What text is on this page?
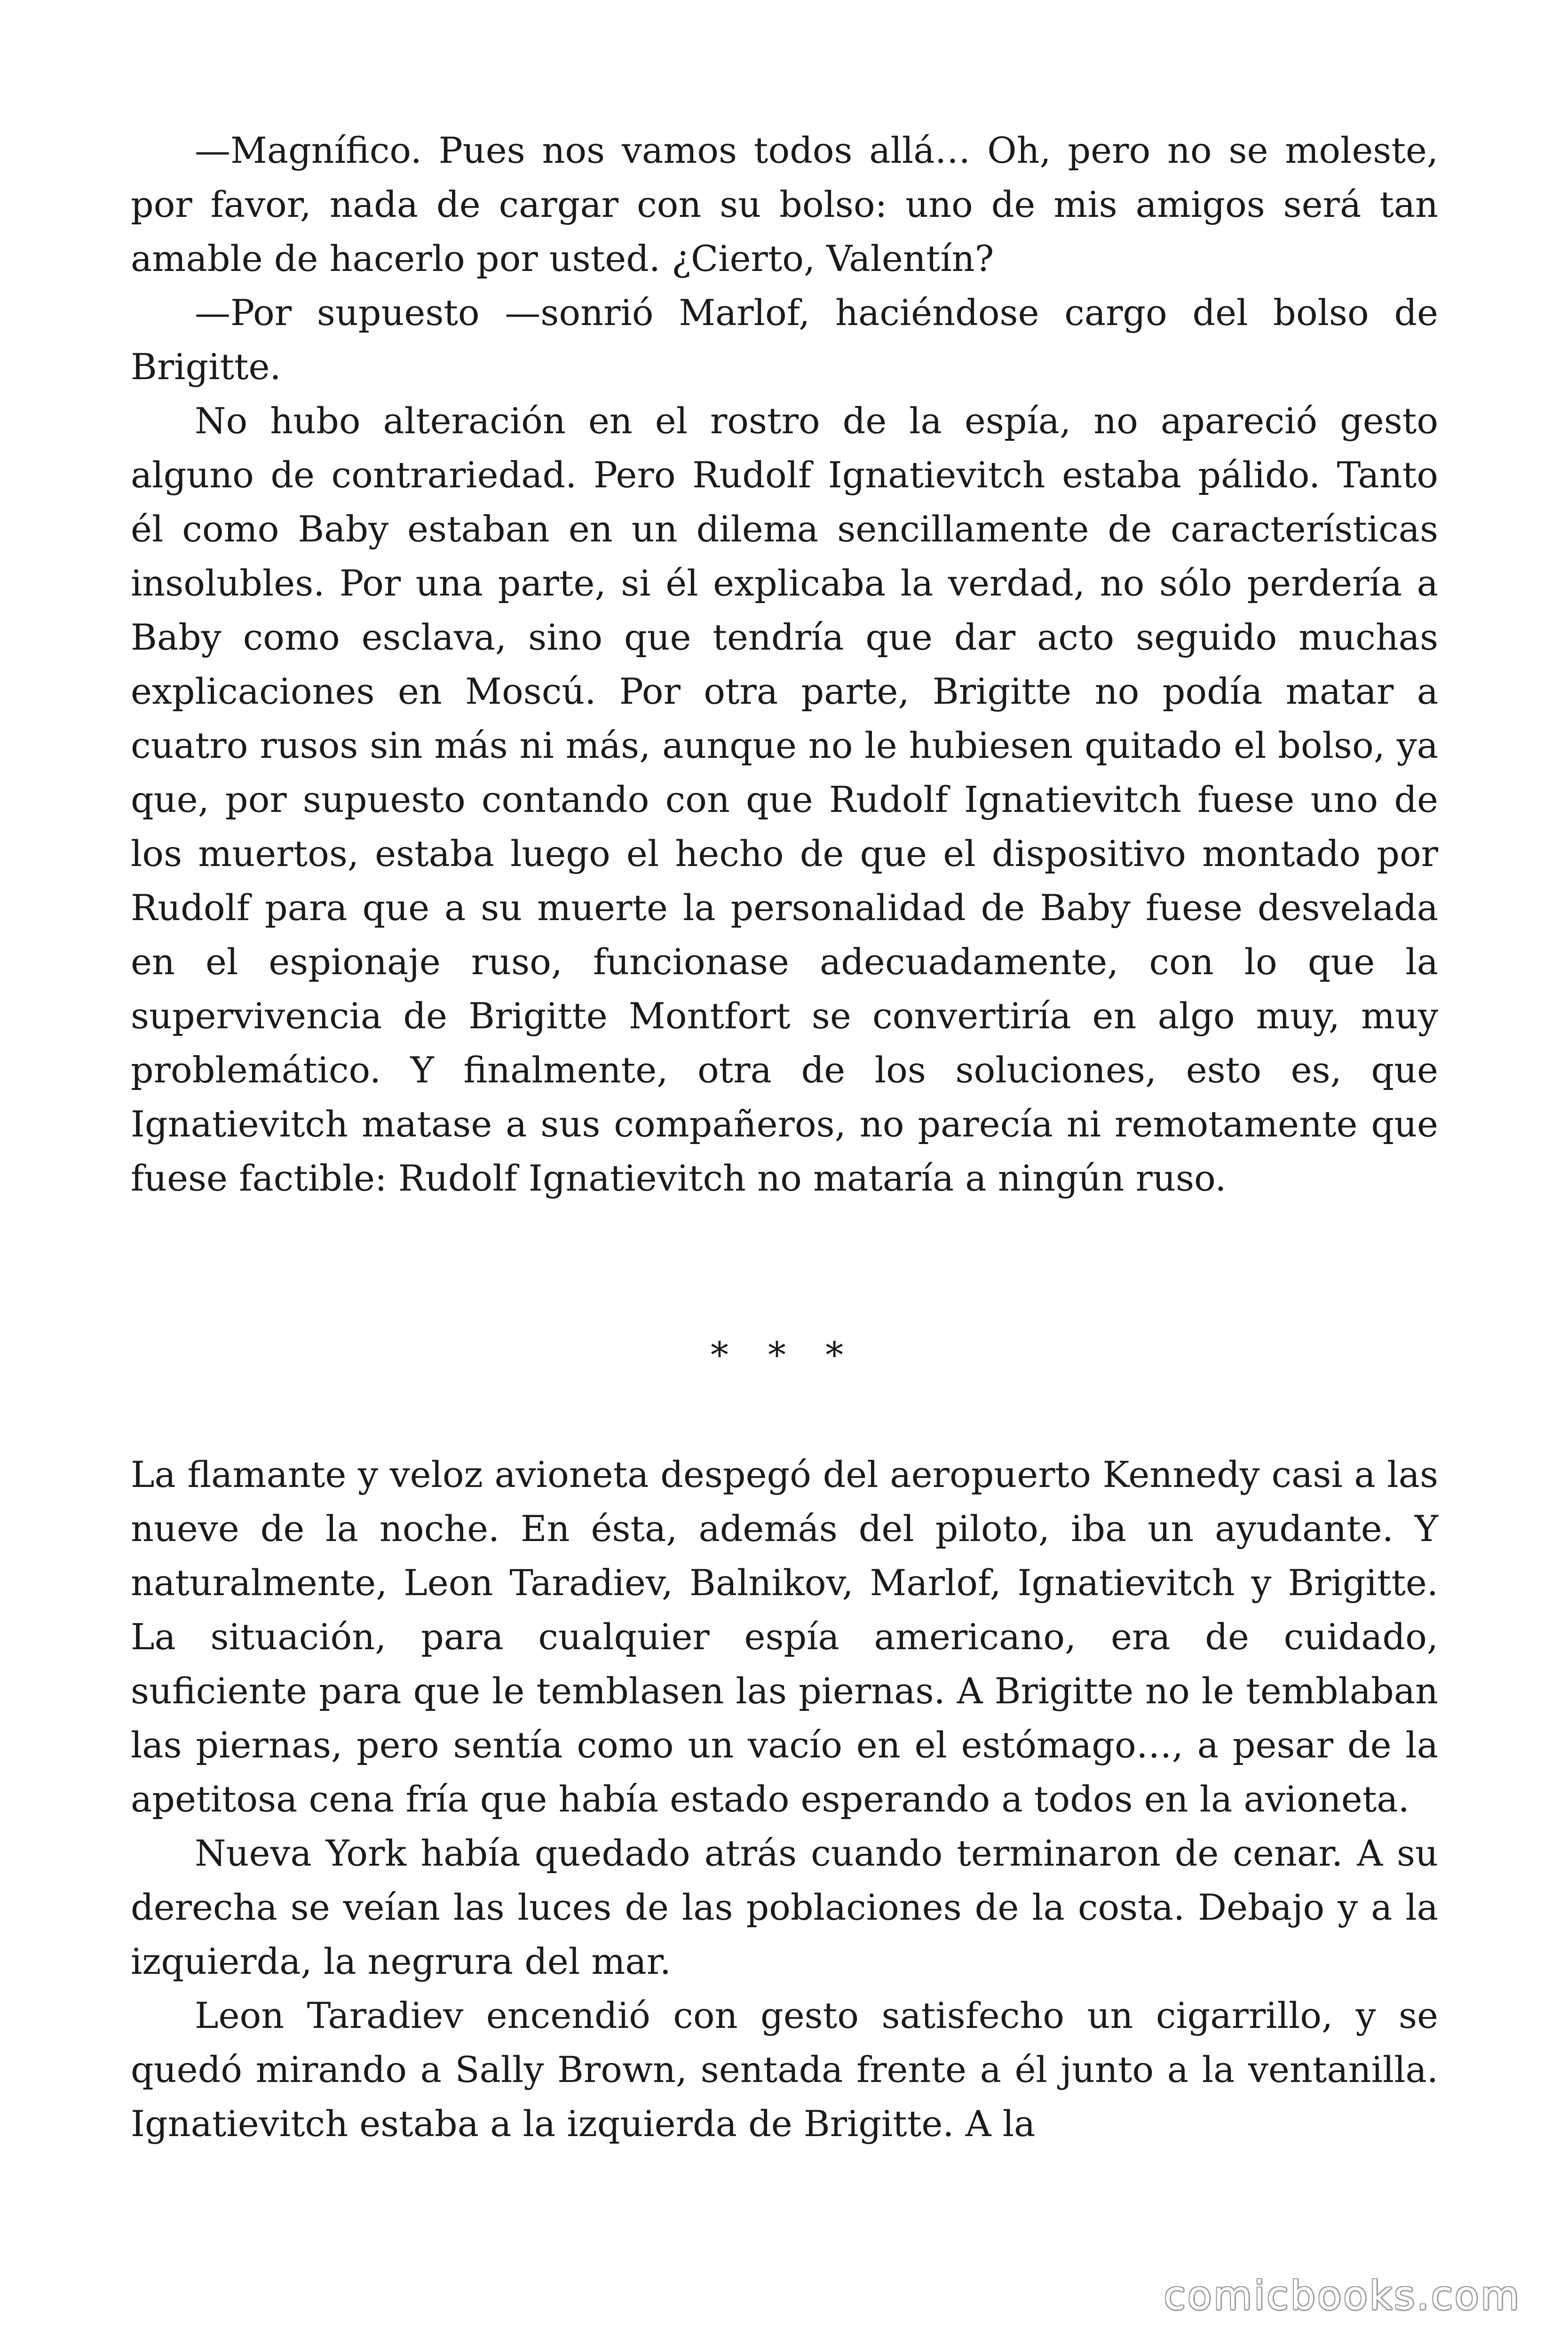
—Magnífico. Pues nos vamos todos allá… Oh, pero no se moleste, por favor, nada de cargar con su bolso: uno de mis amigos será tan amable de hacerlo por usted. ¿Cierto, Valentín?

—Por supuesto —sonrió Marlof, haciéndose cargo del bolso de Brigitte.

No hubo alteración en el rostro de la espía, no apareció gesto alguno de contrariedad. Pero Rudolf Ignatievitch estaba pálido. Tanto él como Baby estaban en un dilema sencillamente de características insolubles. Por una parte, si él explicaba la verdad, no sólo perdería a Baby como esclava, sino que tendría que dar acto seguido muchas explicaciones en Moscú. Por otra parte, Brigitte no podía matar a cuatro rusos sin más ni más, aunque no le hubiesen quitado el bolso, ya que, por supuesto contando con que Rudolf Ignatievitch fuese uno de los muertos, estaba luego el hecho de que el dispositivo montado por Rudolf para que a su muerte la personalidad de Baby fuese desvelada en el espionaje ruso, funcionase adecuadamente, con lo que la supervivencia de Brigitte Montfort se convertiría en algo muy, muy problemático. Y finalmente, otra de los soluciones, esto es, que Ignatievitch matase a sus compañeros, no parecía ni remotamente que fuese factible: Rudolf Ignatievitch no mataría a ningún ruso.

* * *

La flamante y veloz avioneta despegó del aeropuerto Kennedy casi a las nueve de la noche. En ésta, además del piloto, iba un ayudante. Y naturalmente, Leon Taradiev, Balnikov, Marlof, Ignatievitch y Brigitte. La situación, para cualquier espía americano, era de cuidado, suficiente para que le temblasen las piernas. A Brigitte no le temblaban las piernas, pero sentía como un vacío en el estómago…, a pesar de la apetitosa cena fría que había estado esperando a todos en la avioneta.

Nueva York había quedado atrás cuando terminaron de cenar. A su derecha se veían las luces de las poblaciones de la costa. Debajo y a la izquierda, la negrura del mar.

Leon Taradiev encendió con gesto satisfecho un cigarrillo, y se quedó mirando a Sally Brown, sentada frente a él junto a la ventanilla. Ignatievitch estaba a la izquierda de Brigitte. A la

comicbooks.com
